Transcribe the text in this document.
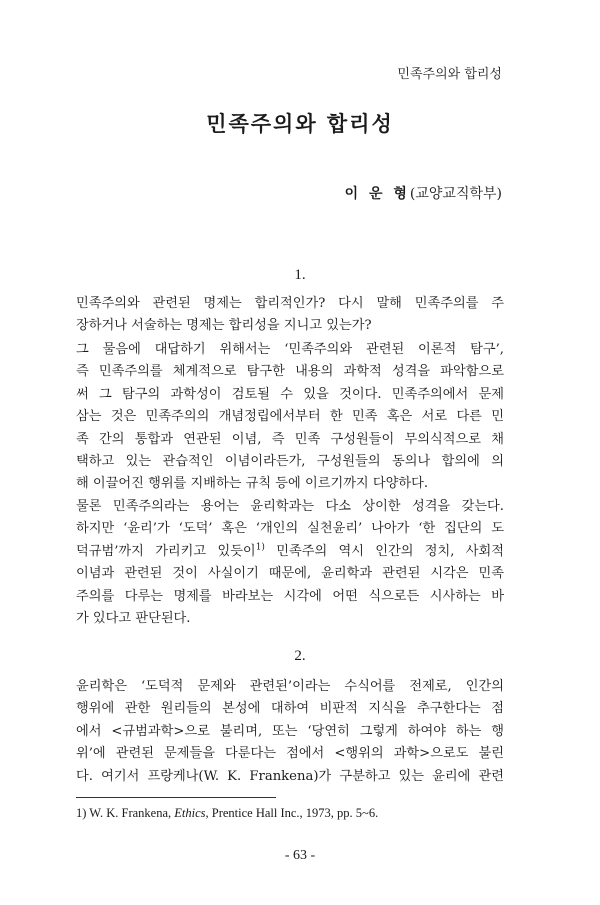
민족주의와 합리성
민족주의와 합리성
이 운 형(교양교직학부)
1.

민족주의와 관련된 명제는 합리적인가? 다시 말해 민족주의를 주
장하거나 서술하는 명제는 합리성을 지니고 있는가?

그 물음에 대답하기 위해서는 ‘민족주의와 관련된 이론적 탐구’,
즉 민족주의를 체계적으로 탐구한 내용의 과학적 성격을 파악함으로
써 그 탐구의 과학성이 검토될 수 있을 것이다. 민족주의에서 문제
삼는 것은 민족주의의 개념정립에서부터 한 민족 혹은 서로 다른 민
족 간의 통합과 연관된 이념, 즉 민족 구성원들이 무의식적으로 채
택하고 있는 관습적인 이념이라든가, 구성원들의 동의나 합의에 의
해 이끌어진 행위를 지배하는 규칙 등에 이르기까지 다양하다.

물론 민족주의라는 용어는 윤리학과는 다소 상이한 성격을 갖는다.
하지만 ‘윤리’가 ‘도덕’ 혹은 ‘개인의 실천윤리’ 나아가 ‘한 집단의 도
덕규범’까지 가리키고 있듯이$^{1)}$ 민족주의 역시 인간의 정치, 사회적
이념과 관련된 것이 사실이기 때문에, 윤리학과 관련된 시각은 민족
주의를 다루는 명제를 바라보는 시각에 어떤 식으로든 시사하는 바
가 있다고 판단된다.

2.

윤리학은 ‘도덕적 문제와 관련된’이라는 수식어를 전제로, 인간의
행위에 관한 원리들의 본성에 대하여 비판적 지식을 추구한다는 점
에서 <규범과학>으로 불리며, 또는 ‘당연히 그렇게 하여야 하는 행
위’에 관련된 문제들을 다룬다는 점에서 <행위의 과학>으로도 불린
다. 여기서 프랑케나(W. K. Frankena)가 구분하고 있는 윤리에 관련

1) W. K. Frankena, Ethics, Prentice Hall Inc., 1973, pp. 5~6.
- 63 -
